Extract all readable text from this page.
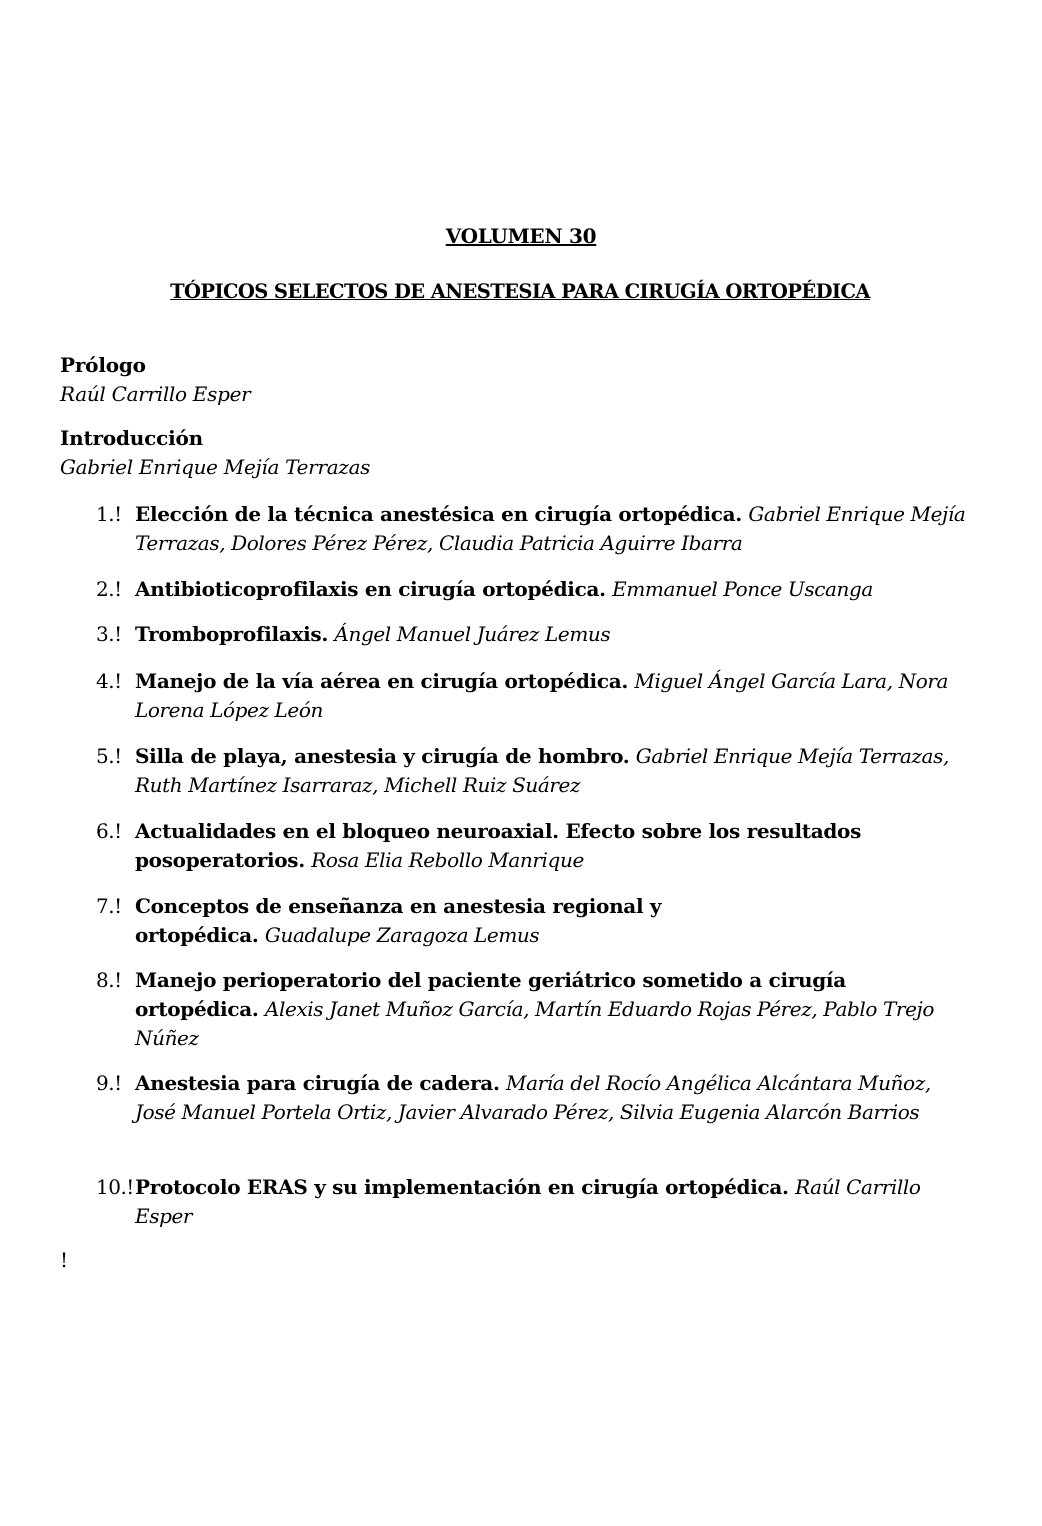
VOLUMEN 30
TÓPICOS SELECTOS DE ANESTESIA PARA CIRUGÍA ORTOPÉDICA
Prólogo
Raúl Carrillo Esper
Introducción
Gabriel Enrique Mejía Terrazas
1.! Elección de la técnica anestésica en cirugía ortopédica. Gabriel Enrique Mejía Terrazas, Dolores Pérez Pérez, Claudia Patricia Aguirre Ibarra
2.! Antibioticoprofilaxis en cirugía ortopédica. Emmanuel Ponce Uscanga
3.! Tromboprofilaxis. Ángel Manuel Juárez Lemus
4.! Manejo de la vía aérea en cirugía ortopédica. Miguel Ángel García Lara, Nora Lorena López León
5.! Silla de playa, anestesia y cirugía de hombro. Gabriel Enrique Mejía Terrazas, Ruth Martínez Isarraraz, Michell Ruiz Suárez
6.! Actualidades en el bloqueo neuroaxial. Efecto sobre los resultados posoperatorios. Rosa Elia Rebollo Manrique
7.! Conceptos de enseñanza en anestesia regional y ortopédica. Guadalupe Zaragoza Lemus
8.! Manejo perioperatorio del paciente geriátrico sometido a cirugía ortopédica. Alexis Janet Muñoz García, Martín Eduardo Rojas Pérez, Pablo Trejo Núñez
9.! Anestesia para cirugía de cadera. María del Rocío Angélica Alcántara Muñoz, José Manuel Portela Ortiz, Javier Alvarado Pérez, Silvia Eugenia Alarcón Barrios
10.! Protocolo ERAS y su implementación en cirugía ortopédica. Raúl Carrillo Esper
!
